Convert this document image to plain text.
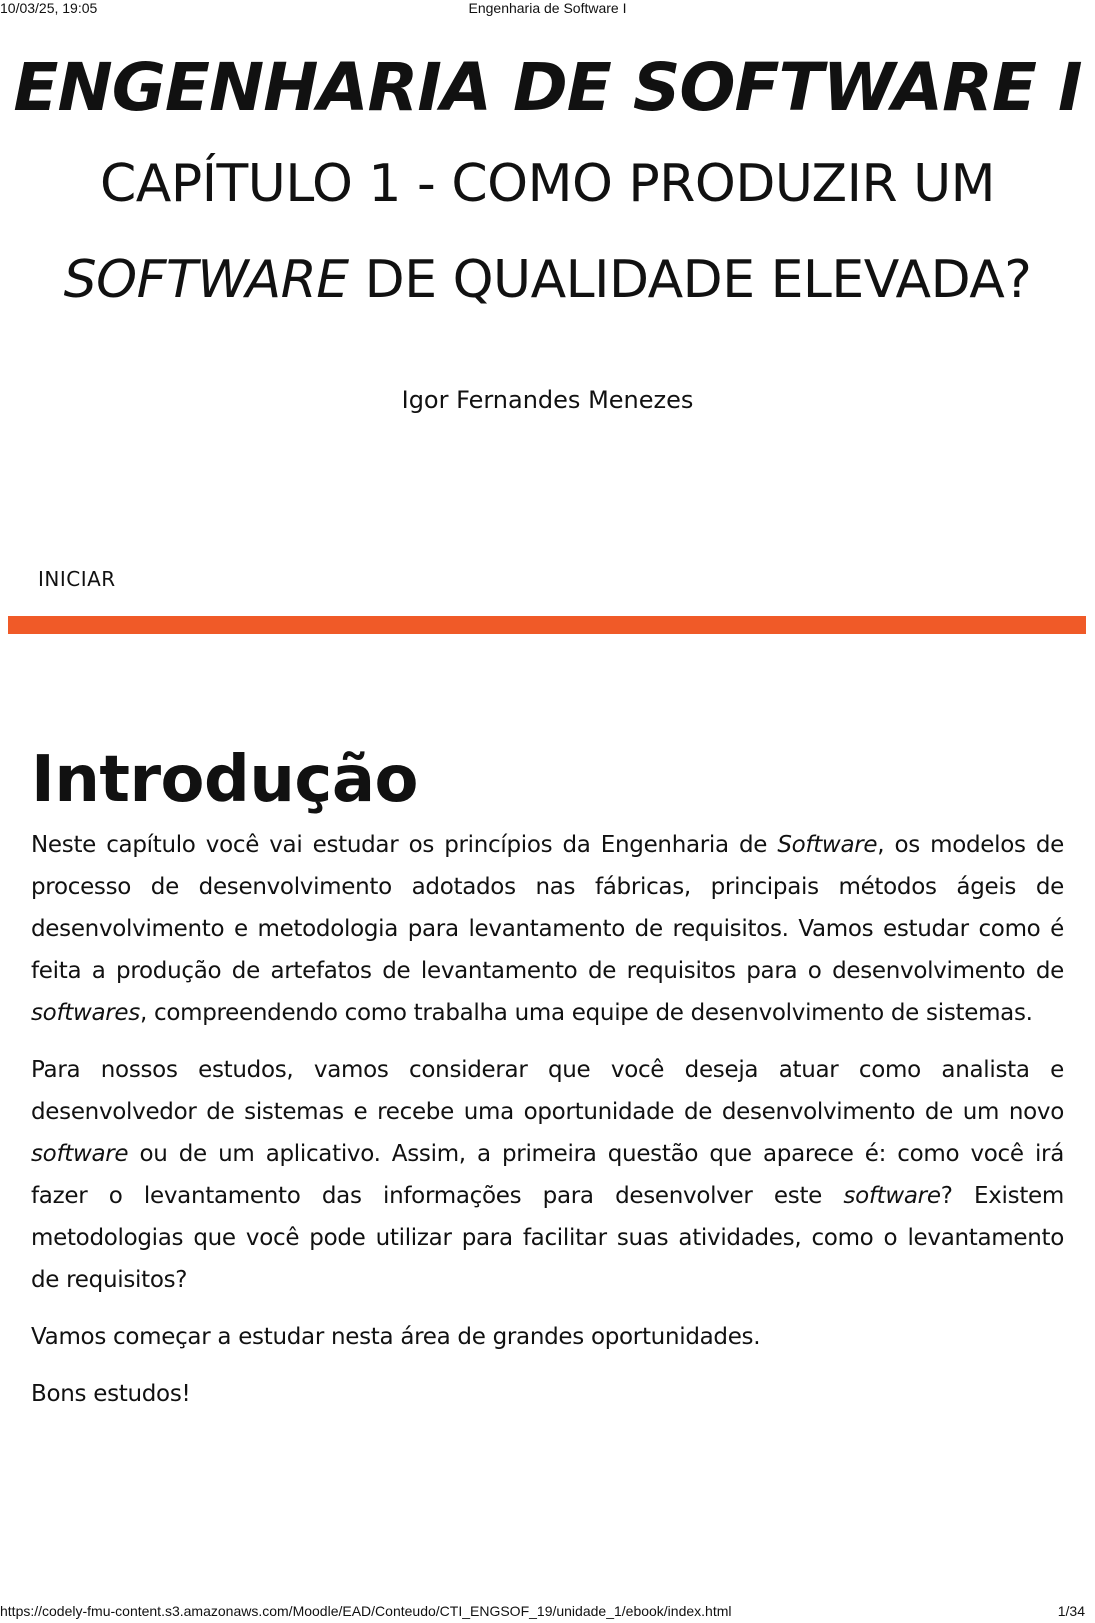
10/03/25, 19:05	Engenharia de Software I
ENGENHARIA DE SOFTWARE I

CAPÍTULO 1 - COMO PRODUZIR UM

SOFTWARE DE QUALIDADE ELEVADA?

Igor Fernandes Menezes
INICIAR
Introdução

Neste capítulo você vai estudar os princípios da Engenharia de Software, os modelos de processo de desenvolvimento adotados nas fábricas, principais métodos ágeis de desenvolvimento e metodologia para levantamento de requisitos. Vamos estudar como é feita a produção de artefatos de levantamento de requisitos para o desenvolvimento de softwares, compreendendo como trabalha uma equipe de desenvolvimento de sistemas.

Para nossos estudos, vamos considerar que você deseja atuar como analista e desenvolvedor de sistemas e recebe uma oportunidade de desenvolvimento de um novo software ou de um aplicativo. Assim, a primeira questão que aparece é: como você irá fazer o levantamento das informações para desenvolver este software? Existem metodologias que você pode utilizar para facilitar suas atividades, como o levantamento de requisitos?

Vamos começar a estudar nesta área de grandes oportunidades.

Bons estudos!

https://codely-fmu-content.s3.amazonaws.com/Moodle/EAD/Conteudo/CTI_ENGSOF_19/unidade_1/ebook/index.html	1/34
